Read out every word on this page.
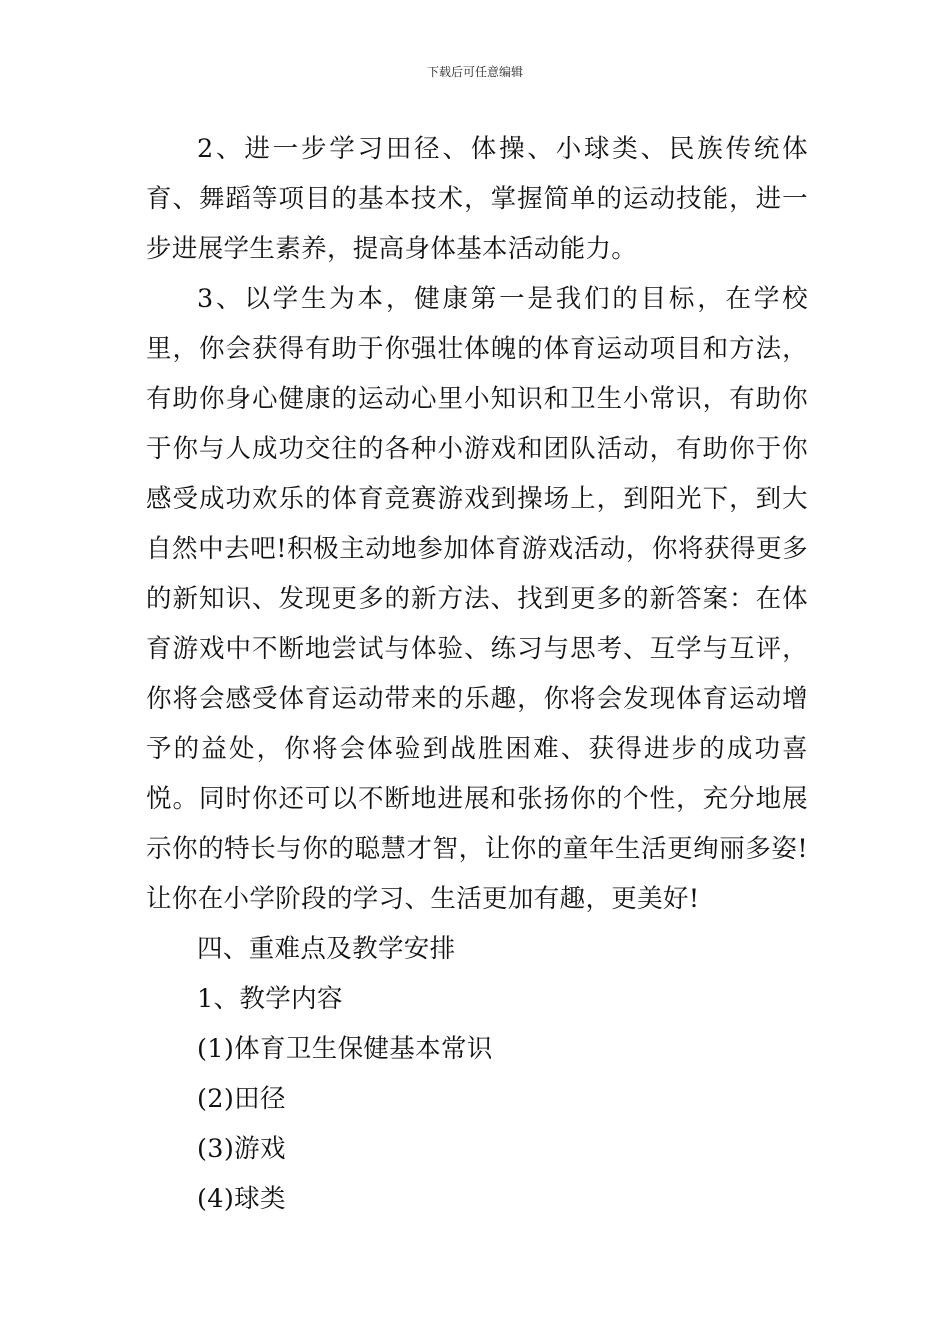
下载后可任意编辑

2、进一步学习田径、体操、小球类、民族传统体育、舞蹈等项目的基本技术，掌握简单的运动技能，进一步进展学生素养，提高身体基本活动能力。

3、以学生为本，健康第一是我们的目标，在学校里，你会获得有助于你强壮体魄的体育运动项目和方法，有助你身心健康的运动心里小知识和卫生小常识，有助你于你与人成功交往的各种小游戏和团队活动，有助你于你感受成功欢乐的体育竞赛游戏到操场上，到阳光下，到大自然中去吧!积极主动地参加体育游戏活动，你将获得更多的新知识、发现更多的新方法、找到更多的新答案：在体育游戏中不断地尝试与体验、练习与思考、互学与互评，你将会感受体育运动带来的乐趣，你将会发现体育运动增予的益处，你将会体验到战胜困难、获得进步的成功喜悦。同时你还可以不断地进展和张扬你的个性，充分地展示你的特长与你的聪慧才智，让你的童年生活更绚丽多姿!让你在小学阶段的学习、生活更加有趣，更美好!

四、重难点及教学安排

1、教学内容

(1)体育卫生保健基本常识

(2)田径

(3)游戏

(4)球类
